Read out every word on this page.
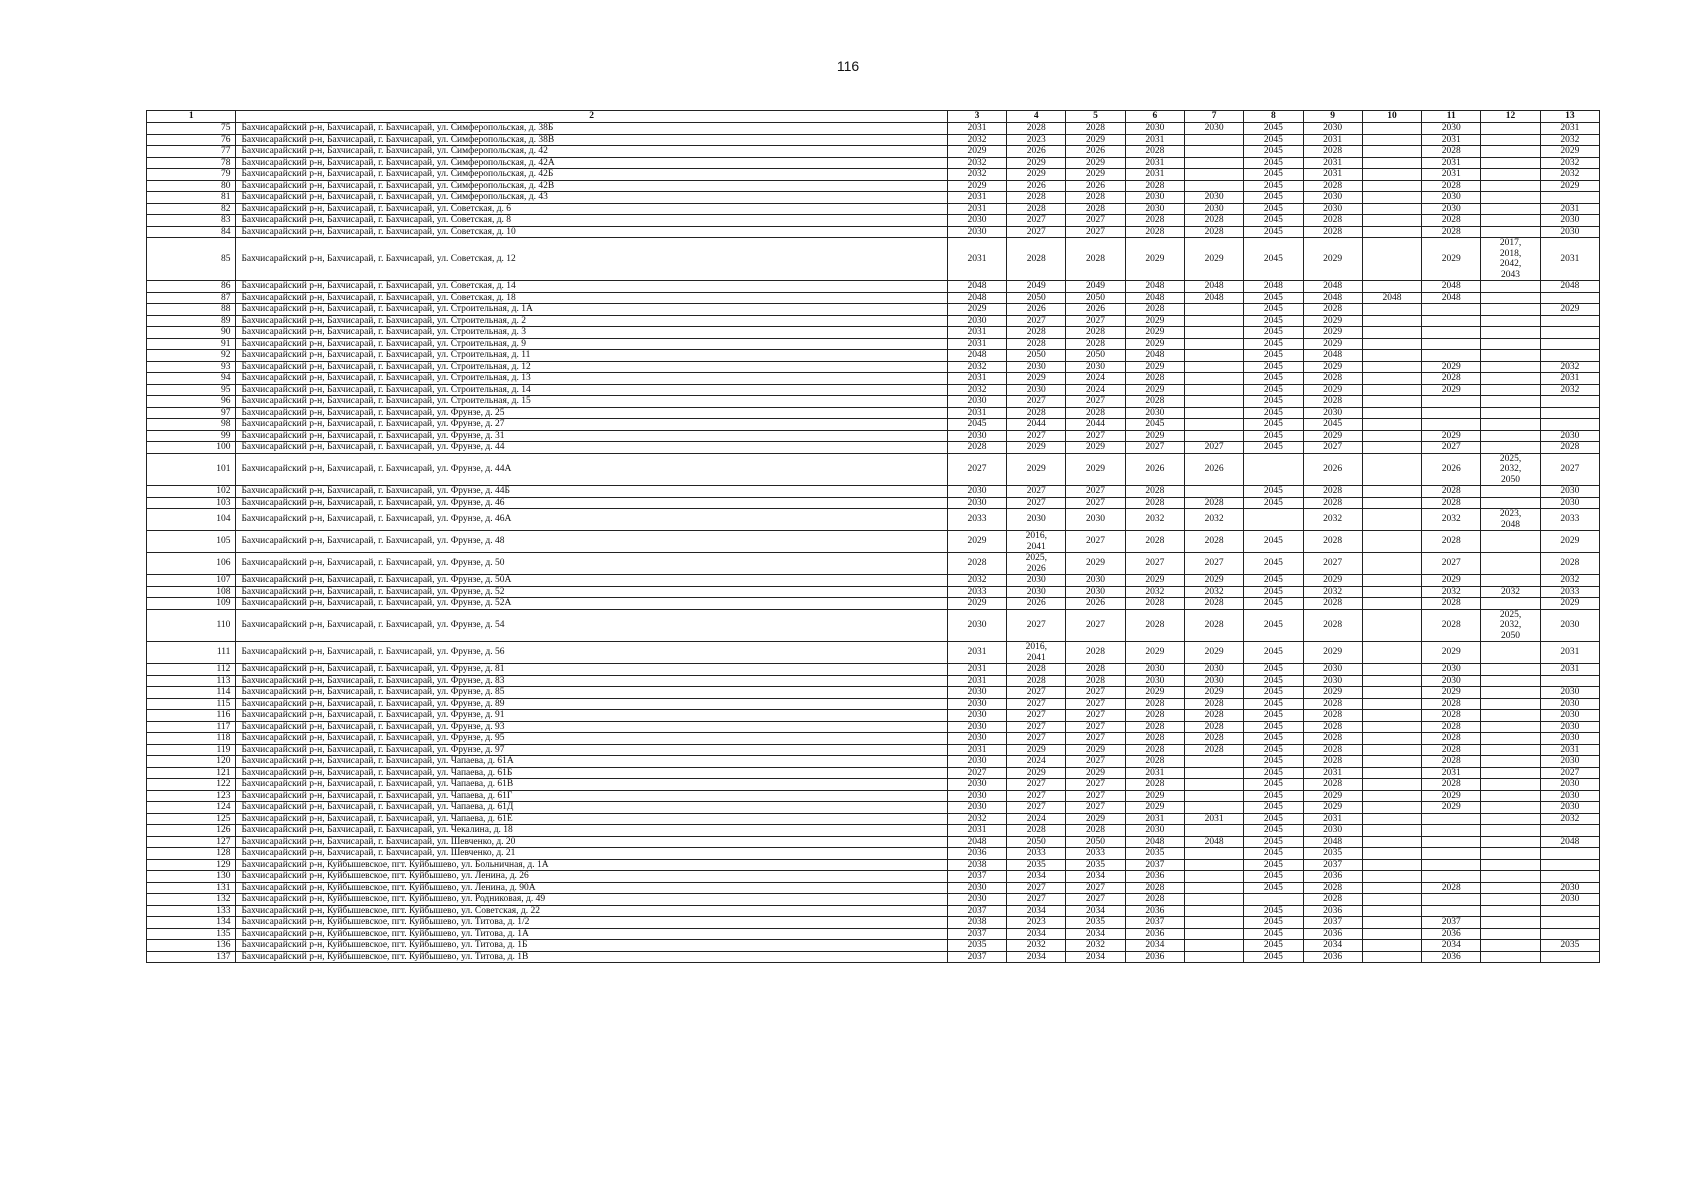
116
1	2	3	4	5	6	7	8	9	10	11	12	13
75	Бахчисарайский р-н, Бахчисарай, г. Бахчисарай, ул. Симферопольская, д. 38Б	2031	2028	2028	2030	2030	2045	2030		2030		2031
76	Бахчисарайский р-н, Бахчисарай, г. Бахчисарай, ул. Симферопольская, д. 38В	2032	2023	2029	2031		2045	2031		2031		2032
77	Бахчисарайский р-н, Бахчисарай, г. Бахчисарай, ул. Симферопольская, д. 42	2029	2026	2026	2028		2045	2028		2028		2029
78	Бахчисарайский р-н, Бахчисарай, г. Бахчисарай, ул. Симферопольская, д. 42А	2032	2029	2029	2031		2045	2031		2031		2032
79	Бахчисарайский р-н, Бахчисарай, г. Бахчисарай, ул. Симферопольская, д. 42Б	2032	2029	2029	2031		2045	2031		2031		2032
80	Бахчисарайский р-н, Бахчисарай, г. Бахчисарай, ул. Симферопольская, д. 42В	2029	2026	2026	2028		2045	2028		2028		2029
81	Бахчисарайский р-н, Бахчисарай, г. Бахчисарай, ул. Симферопольская, д. 43	2031	2028	2028	2030	2030	2045	2030		2030		
82	Бахчисарайский р-н, Бахчисарай, г. Бахчисарай, ул. Советская, д. 6	2031	2028	2028	2030	2030	2045	2030		2030		2031
83	Бахчисарайский р-н, Бахчисарай, г. Бахчисарай, ул. Советская, д. 8	2030	2027	2027	2028	2028	2045	2028		2028		2030
84	Бахчисарайский р-н, Бахчисарай, г. Бахчисарай, ул. Советская, д. 10	2030	2027	2027	2028	2028	2045	2028		2028		2030
85	Бахчисарайский р-н, Бахчисарай, г. Бахчисарай, ул. Советская, д. 12	2031	2028	2028	2029	2029	2045	2029		2029	2017,
2018,
2042,
2043	2031
86	Бахчисарайский р-н, Бахчисарай, г. Бахчисарай, ул. Советская, д. 14	2048	2049	2049	2048	2048	2048	2048		2048		2048
87	Бахчисарайский р-н, Бахчисарай, г. Бахчисарай, ул. Советская, д. 18	2048	2050	2050	2048	2048	2045	2048	2048	2048		
88	Бахчисарайский р-н, Бахчисарай, г. Бахчисарай, ул. Строительная, д. 1А	2029	2026	2026	2028		2045	2028				2029
89	Бахчисарайский р-н, Бахчисарай, г. Бахчисарай, ул. Строительная, д. 2	2030	2027	2027	2029		2045	2029				
90	Бахчисарайский р-н, Бахчисарай, г. Бахчисарай, ул. Строительная, д. 3	2031	2028	2028	2029		2045	2029				
91	Бахчисарайский р-н, Бахчисарай, г. Бахчисарай, ул. Строительная, д. 9	2031	2028	2028	2029		2045	2029				
92	Бахчисарайский р-н, Бахчисарай, г. Бахчисарай, ул. Строительная, д. 11	2048	2050	2050	2048		2045	2048				
93	Бахчисарайский р-н, Бахчисарай, г. Бахчисарай, ул. Строительная, д. 12	2032	2030	2030	2029		2045	2029		2029		2032
94	Бахчисарайский р-н, Бахчисарай, г. Бахчисарай, ул. Строительная, д. 13	2031	2029	2024	2028		2045	2028		2028		2031
95	Бахчисарайский р-н, Бахчисарай, г. Бахчисарай, ул. Строительная, д. 14	2032	2030	2024	2029		2045	2029		2029		2032
96	Бахчисарайский р-н, Бахчисарай, г. Бахчисарай, ул. Строительная, д. 15	2030	2027	2027	2028		2045	2028				
97	Бахчисарайский р-н, Бахчисарай, г. Бахчисарай, ул. Фрунзе, д. 25	2031	2028	2028	2030		2045	2030				
98	Бахчисарайский р-н, Бахчисарай, г. Бахчисарай, ул. Фрунзе, д. 27	2045	2044	2044	2045		2045	2045				
99	Бахчисарайский р-н, Бахчисарай, г. Бахчисарай, ул. Фрунзе, д. 31	2030	2027	2027	2029		2045	2029		2029		2030
100	Бахчисарайский р-н, Бахчисарай, г. Бахчисарай, ул. Фрунзе, д. 44	2028	2029	2029	2027	2027	2045	2027		2027		2028
101	Бахчисарайский р-н, Бахчисарай, г. Бахчисарай, ул. Фрунзе, д. 44А	2027	2029	2029	2026	2026		2026		2026	2025,
2032,
2050	2027
102	Бахчисарайский р-н, Бахчисарай, г. Бахчисарай, ул. Фрунзе, д. 44Б	2030	2027	2027	2028		2045	2028		2028		2030
103	Бахчисарайский р-н, Бахчисарай, г. Бахчисарай, ул. Фрунзе, д. 46	2030	2027	2027	2028	2028	2045	2028		2028		2030
104	Бахчисарайский р-н, Бахчисарай, г. Бахчисарай, ул. Фрунзе, д. 46А	2033	2030	2030	2032	2032		2032		2032	2023,
2048	2033
105	Бахчисарайский р-н, Бахчисарай, г. Бахчисарай, ул. Фрунзе, д. 48	2029	2016,
2041	2027	2028	2028	2045	2028		2028		2029
106	Бахчисарайский р-н, Бахчисарай, г. Бахчисарай, ул. Фрунзе, д. 50	2028	2025,
2026	2029	2027	2027	2045	2027		2027		2028
107	Бахчисарайский р-н, Бахчисарай, г. Бахчисарай, ул. Фрунзе, д. 50А	2032	2030	2030	2029	2029	2045	2029		2029		2032
108	Бахчисарайский р-н, Бахчисарай, г. Бахчисарай, ул. Фрунзе, д. 52	2033	2030	2030	2032	2032	2045	2032		2032	2032	2033
109	Бахчисарайский р-н, Бахчисарай, г. Бахчисарай, ул. Фрунзе, д. 52А	2029	2026	2026	2028	2028	2045	2028		2028		2029
110	Бахчисарайский р-н, Бахчисарай, г. Бахчисарай, ул. Фрунзе, д. 54	2030	2027	2027	2028	2028	2045	2028		2028	2025,
2032,
2050	2030
111	Бахчисарайский р-н, Бахчисарай, г. Бахчисарай, ул. Фрунзе, д. 56	2031	2016,
2041	2028	2029	2029	2045	2029		2029		2031
112	Бахчисарайский р-н, Бахчисарай, г. Бахчисарай, ул. Фрунзе, д. 81	2031	2028	2028	2030	2030	2045	2030		2030		2031
113	Бахчисарайский р-н, Бахчисарай, г. Бахчисарай, ул. Фрунзе, д. 83	2031	2028	2028	2030	2030	2045	2030		2030		
114	Бахчисарайский р-н, Бахчисарай, г. Бахчисарай, ул. Фрунзе, д. 85	2030	2027	2027	2029	2029	2045	2029		2029		2030
115	Бахчисарайский р-н, Бахчисарай, г. Бахчисарай, ул. Фрунзе, д. 89	2030	2027	2027	2028	2028	2045	2028		2028		2030
116	Бахчисарайский р-н, Бахчисарай, г. Бахчисарай, ул. Фрунзе, д. 91	2030	2027	2027	2028	2028	2045	2028		2028		2030
117	Бахчисарайский р-н, Бахчисарай, г. Бахчисарай, ул. Фрунзе, д. 93	2030	2027	2027	2028	2028	2045	2028		2028		2030
118	Бахчисарайский р-н, Бахчисарай, г. Бахчисарай, ул. Фрунзе, д. 95	2030	2027	2027	2028	2028	2045	2028		2028		2030
119	Бахчисарайский р-н, Бахчисарай, г. Бахчисарай, ул. Фрунзе, д. 97	2031	2029	2029	2028	2028	2045	2028		2028		2031
120	Бахчисарайский р-н, Бахчисарай, г. Бахчисарай, ул. Чапаева, д. 61А	2030	2024	2027	2028		2045	2028		2028		2030
121	Бахчисарайский р-н, Бахчисарай, г. Бахчисарай, ул. Чапаева, д. 61Б	2027	2029	2029	2031		2045	2031		2031		2027
122	Бахчисарайский р-н, Бахчисарай, г. Бахчисарай, ул. Чапаева, д. 61В	2030	2027	2027	2028		2045	2028		2028		2030
123	Бахчисарайский р-н, Бахчисарай, г. Бахчисарай, ул. Чапаева, д. 61Г	2030	2027	2027	2029		2045	2029		2029		2030
124	Бахчисарайский р-н, Бахчисарай, г. Бахчисарай, ул. Чапаева, д. 61Д	2030	2027	2027	2029		2045	2029		2029		2030
125	Бахчисарайский р-н, Бахчисарай, г. Бахчисарай, ул. Чапаева, д. 61Е	2032	2024	2029	2031	2031	2045	2031				2032
126	Бахчисарайский р-н, Бахчисарай, г. Бахчисарай, ул. Чекалина, д. 18	2031	2028	2028	2030		2045	2030				
127	Бахчисарайский р-н, Бахчисарай, г. Бахчисарай, ул. Шевченко, д. 20	2048	2050	2050	2048	2048	2045	2048				2048
128	Бахчисарайский р-н, Бахчисарай, г. Бахчисарай, ул. Шевченко, д. 21	2036	2033	2033	2035		2045	2035				
129	Бахчисарайский р-н, Куйбышевское, пгт. Куйбышево, ул. Больничная, д. 1А	2038	2035	2035	2037		2045	2037				
130	Бахчисарайский р-н, Куйбышевское, пгт. Куйбышево, ул. Ленина, д. 26	2037	2034	2034	2036		2045	2036				
131	Бахчисарайский р-н, Куйбышевское, пгт. Куйбышево, ул. Ленина, д. 90А	2030	2027	2027	2028		2045	2028		2028		2030
132	Бахчисарайский р-н, Куйбышевское, пгт. Куйбышево, ул. Родниковая, д. 49	2030	2027	2027	2028			2028				2030
133	Бахчисарайский р-н, Куйбышевское, пгт. Куйбышево, ул. Советская, д. 22	2037	2034	2034	2036		2045	2036				
134	Бахчисарайский р-н, Куйбышевское, пгт. Куйбышево, ул. Титова, д. 1/2	2038	2023	2035	2037		2045	2037		2037		
135	Бахчисарайский р-н, Куйбышевское, пгт. Куйбышево, ул. Титова, д. 1А	2037	2034	2034	2036		2045	2036		2036		
136	Бахчисарайский р-н, Куйбышевское, пгт. Куйбышево, ул. Титова, д. 1Б	2035	2032	2032	2034		2045	2034		2034		2035
137	Бахчисарайский р-н, Куйбышевское, пгт. Куйбышево, ул. Титова, д. 1В	2037	2034	2034	2036		2045	2036		2036		
